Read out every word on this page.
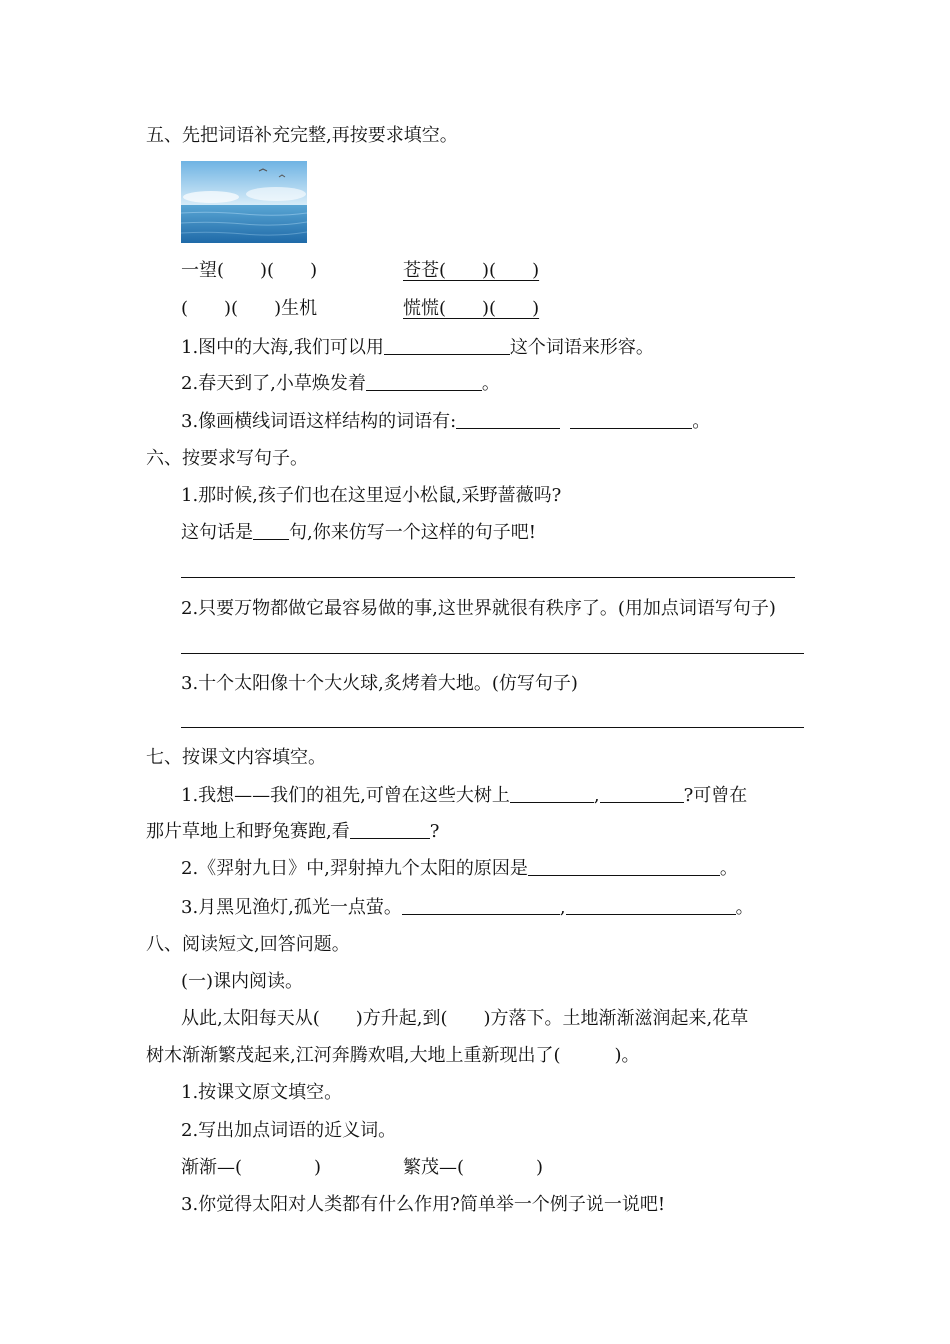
五、先把词语补充完整,再按要求填空。
一望(　　)(　　)	苍苍(　　)(　　)
(　　)(　　)生机	慌慌(　　)(　　)
1.图中的大海,我们可以用	这个词语来形容。
2.春天到了,小草焕发着	。
3.像画横线词语这样结构的词语有:	。
六、按要求写句子。
1.那时候,孩子们也在这里逗小松鼠,采野蔷薇吗?
这句话是 句,你来仿写一个这样的句子吧!
2.只要万物都做它最容易做的事,这世界就很有秩序了。(用加点词语写句子)
3.十个太阳像十个大火球,炙烤着大地。(仿写句子)
七、按课文内容填空。
1.我想——我们的祖先,可曾在这些大树上	,	?可曾在
那片草地上和野兔赛跑,看	?
2.《羿射九日》中,羿射掉九个太阳的原因是	。
3.月黑见渔灯,孤光一点萤。	,	。
八、阅读短文,回答问题。
(一)课内阅读。
从此,太阳每天从(　　)方升起,到(　　)方落下。土地渐渐滋润起来,花草
树木渐渐繁茂起来,江河奔腾欢唱,大地上重新现出了(　　　)。
1.按课文原文填空。
2.写出加点词语的近义词。
渐渐—(　　　　)	繁茂—(　　　　)
3.你觉得太阳对人类都有什么作用?简单举一个例子说一说吧!
